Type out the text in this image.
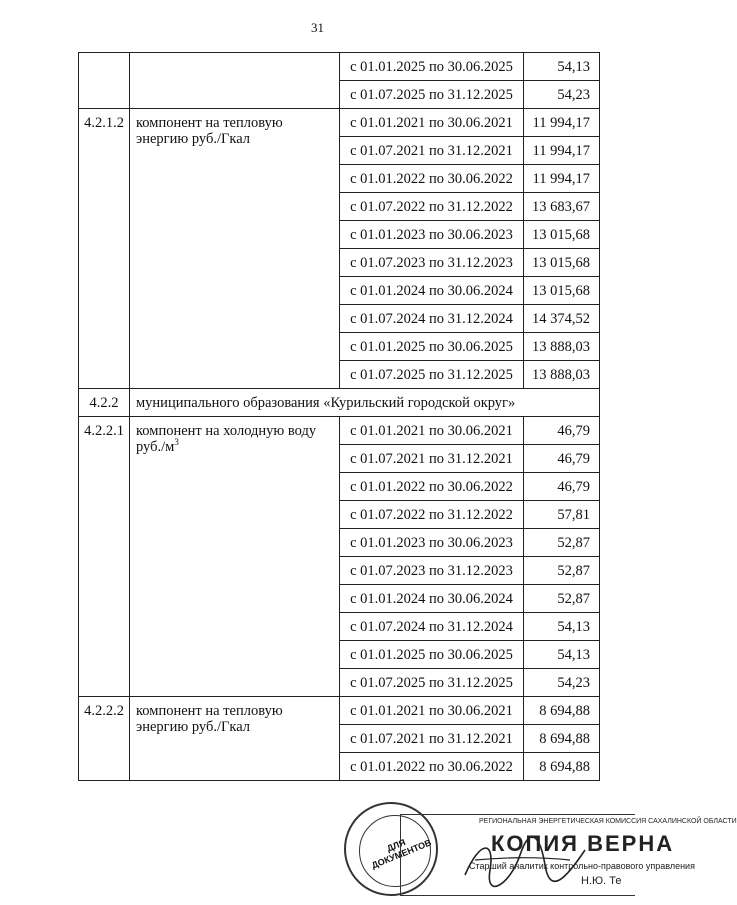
31
		с 01.01.2025 по 30.06.2025	54,13
		с 01.07.2025 по 31.12.2025	54,23
4.2.1.2	компонент на тепловую энергию руб./Гкал	с 01.01.2021 по 30.06.2021	11 994,17
		с 01.07.2021 по 31.12.2021	11 994,17
		с 01.01.2022 по 30.06.2022	11 994,17
		с 01.07.2022 по 31.12.2022	13 683,67
		с 01.01.2023 по 30.06.2023	13 015,68
		с 01.07.2023 по 31.12.2023	13 015,68
		с 01.01.2024 по 30.06.2024	13 015,68
		с 01.07.2024 по 31.12.2024	14 374,52
		с 01.01.2025 по 30.06.2025	13 888,03
		с 01.07.2025 по 31.12.2025	13 888,03
4.2.2	муниципального образования «Курильский городской округ»		
4.2.2.1	компонент на холодную воду $руб./м^3$	с 01.01.2021 по 30.06.2021	46,79
		с 01.07.2021 по 31.12.2021	46,79
		с 01.01.2022 по 30.06.2022	46,79
		с 01.07.2022 по 31.12.2022	57,81
		с 01.01.2023 по 30.06.2023	52,87
		с 01.07.2023 по 31.12.2023	52,87
		с 01.01.2024 по 30.06.2024	52,87
		с 01.07.2024 по 31.12.2024	54,13
		с 01.01.2025 по 30.06.2025	54,13
		с 01.07.2025 по 31.12.2025	54,23
4.2.2.2	компонент на тепловую энергию руб./Гкал	с 01.01.2021 по 30.06.2021	8 694,88
		с 01.07.2021 по 31.12.2021	8 694,88
		с 01.01.2022 по 30.06.2022	8 694,88
ДЛЯ ДОКУМЕНТОВ
РЕГИОНАЛЬНАЯ ЭНЕРГЕТИЧЕСКАЯ КОМИССИЯ САХАЛИНСКОЙ ОБЛАСТИ
КОПИЯ ВЕРНА
Старший аналитик контрольно-правового управления
Н.Ю. Те
